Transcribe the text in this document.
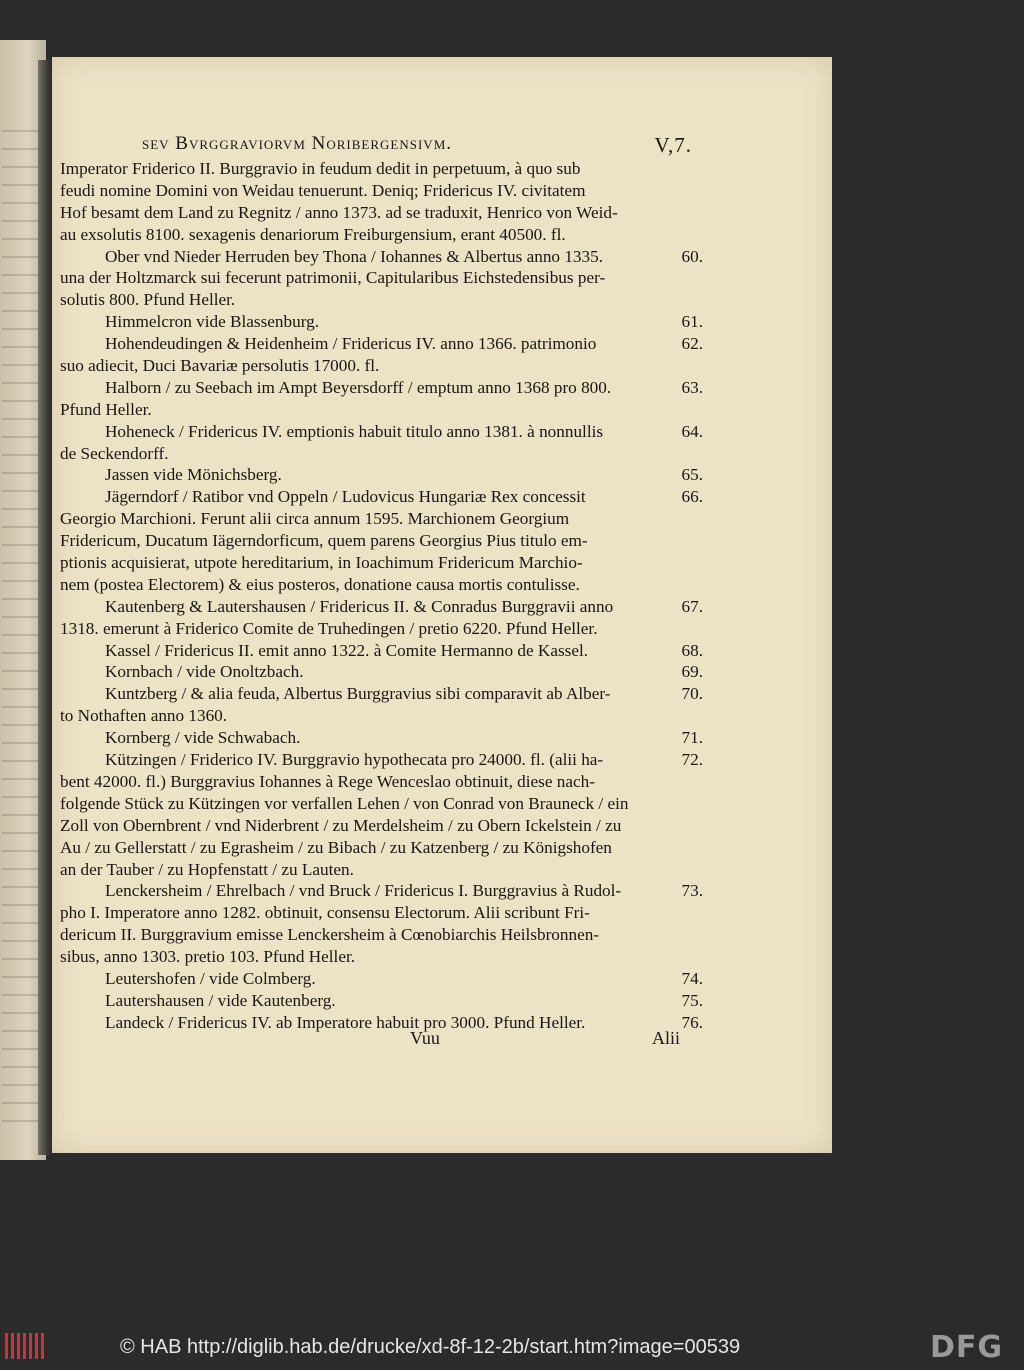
sev Bvrggraviorvm Noribergensivm.	V,7.
Imperator Friderico II. Burggravio in feudum dedit in perpetuum, à quo sub
feudi nomine Domini von Weidau tenuerunt. Deniq; Fridericus IV. civitatem
Hof besamt dem Land zu Regnitz / anno 1373. ad se traduxit, Henrico von Weid-
au exsolutis 8100. sexagenis denariorum Freiburgensium, erant 40500. fl.
Ober vnd Nieder Herruden bey Thona / Iohannes & Albertus anno 1335.	60.
una der Holtzmarck sui fecerunt patrimonii, Capitularibus Eichstedensibus per-
solutis 800. Pfund Heller.
Himmelcron vide Blassenburg.	61.
Hohendeudingen & Heidenheim / Fridericus IV. anno 1366. patrimonio	62.
suo adiecit, Duci Bavariæ persolutis 17000. fl.
Halborn / zu Seebach im Ampt Beyersdorff / emptum anno 1368 pro 800.	63.
Pfund Heller.
Hoheneck / Fridericus IV. emptionis habuit titulo anno 1381. à nonnullis	64.
de Seckendorff.
Jassen vide Mönichsberg.	65.
Jägerndorf / Ratibor vnd Oppeln / Ludovicus Hungariæ Rex concessit	66.
Georgio Marchioni. Ferunt alii circa annum 1595. Marchionem Georgium
Fridericum, Ducatum Iägerndorficum, quem parens Georgius Pius titulo em-
ptionis acquisierat, utpote hereditarium, in Ioachimum Fridericum Marchio-
nem (postea Electorem) & eius posteros, donatione causa mortis contulisse.
Kautenberg & Lautershausen / Fridericus II. & Conradus Burggravii anno	67.
1318. emerunt à Friderico Comite de Truhedingen / pretio 6220. Pfund Heller.
Kassel / Fridericus II. emit anno 1322. à Comite Hermanno de Kassel.	68.
Kornbach / vide Onoltzbach.	69.
Kuntzberg / & alia feuda, Albertus Burggravius sibi comparavit ab Alber-	70.
to Nothaften anno 1360.
Kornberg / vide Schwabach.	71.
Kützingen / Friderico IV. Burggravio hypothecata pro 24000. fl. (alii ha-	72.
bent 42000. fl.) Burggravius Iohannes à Rege Wenceslao obtinuit, diese nach-
folgende Stück zu Kützingen vor verfallen Lehen / von Conrad von Brauneck / ein
Zoll von Obernbrent / vnd Niderbrent / zu Merdelsheim / zu Obern Ickelstein / zu
Au / zu Gellerstatt / zu Egrasheim / zu Bibach / zu Katzenberg / zu Königshofen
an der Tauber / zu Hopfenstatt / zu Lauten.
Lenckersheim / Ehrelbach / vnd Bruck / Fridericus I. Burggravius à Rudol-	73.
pho I. Imperatore anno 1282. obtinuit, consensu Electorum. Alii scribunt Fri-
dericum II. Burggravium emisse Lenckersheim à Cœnobiarchis Heilsbronnen-
sibus, anno 1303. pretio 103. Pfund Heller.
Leutershofen / vide Colmberg.	74.
Lautershausen / vide Kautenberg.	75.
Landeck / Fridericus IV. ab Imperatore habuit pro 3000. Pfund Heller.	76.
Vuu	Alii
© HAB http://diglib.hab.de/drucke/xd-8f-12-2b/start.htm?image=00539	DFG
